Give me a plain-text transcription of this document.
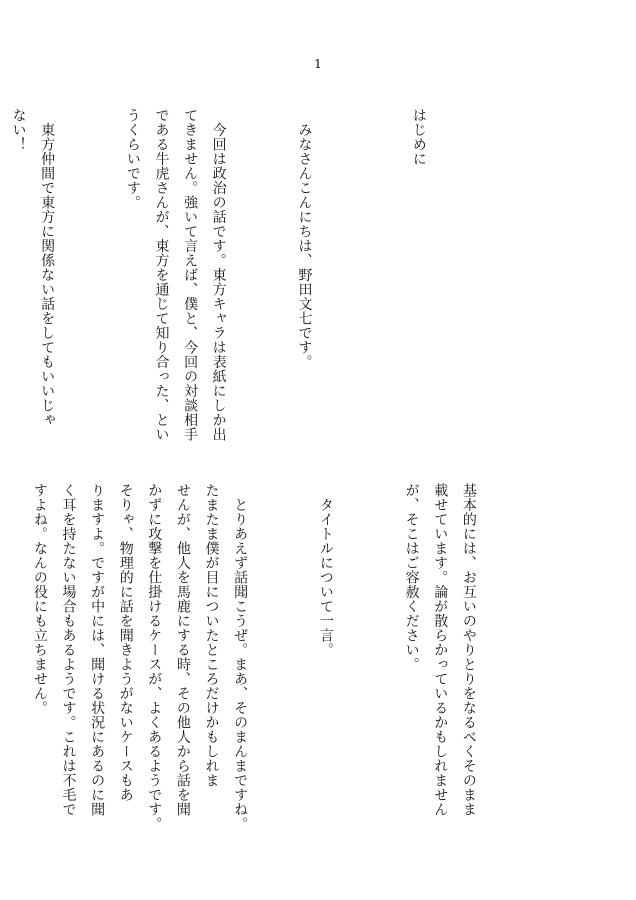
1

はじめに

　みなさんこんにちは、野田文七です。

　今回は政治の話です。東方キャラは表紙にしか出
てきません。強いて言えば、僕と、今回の対談相手
である牛虎さんが、東方を通じて知り合った、とい
うくらいです。

　東方仲間で東方に関係ない話をしてもいいじゃ
ない！

基本的には、お互いのやりとりをなるべくそのまま
載せています。論が散らかっているかもしれません
が、そこはご容赦ください。

　タイトルについて一言。

　とりあえず話聞こうぜ。まあ、そのまんまですね。
たまたま僕が目についたところだけかもしれま
せんが、他人を馬鹿にする時、その他人から話を聞
かずに攻撃を仕掛けるケースが、よくあるようです。
そりゃ、物理的に話を聞きようがないケースもあ
りますよ。ですが中には、聞ける状況にあるのに聞
く耳を持たない場合もあるようです。これは不毛で
すよね。なんの役にも立ちません。
